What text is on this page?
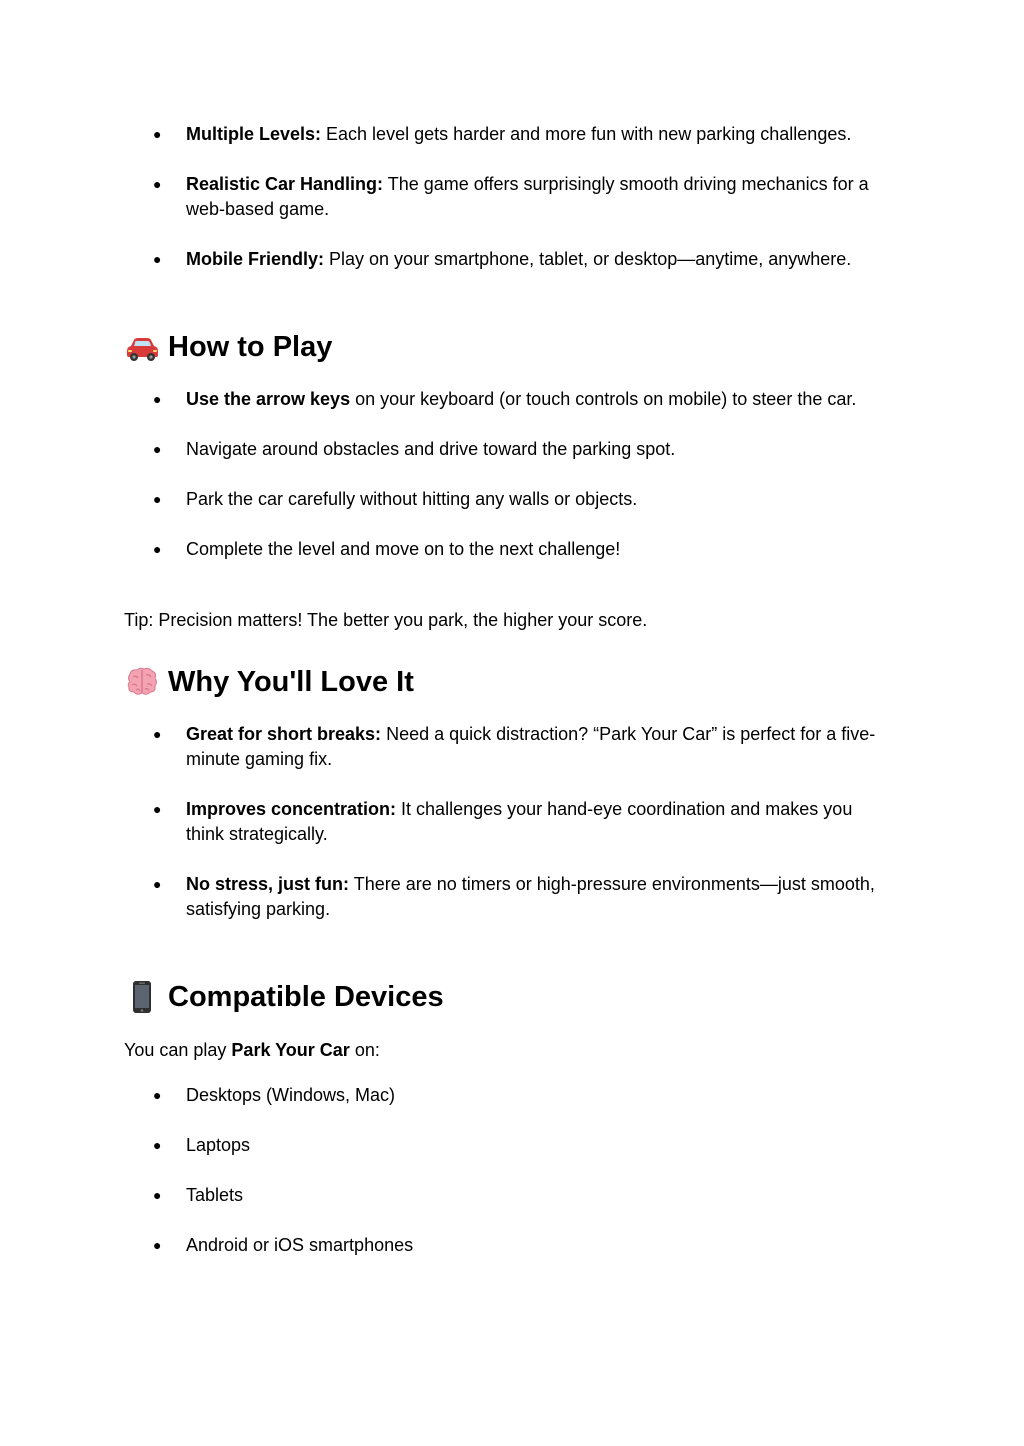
● Multiple Levels: Each level gets harder and more fun with new parking challenges.
● Realistic Car Handling: The game offers surprisingly smooth driving mechanics for a web-based game.
● Mobile Friendly: Play on your smartphone, tablet, or desktop—anytime, anywhere.
How to Play
● Use the arrow keys on your keyboard (or touch controls on mobile) to steer the car.
● Navigate around obstacles and drive toward the parking spot.
● Park the car carefully without hitting any walls or objects.
● Complete the level and move on to the next challenge!

Tip: Precision matters! The better you park, the higher your score.

Why You'll Love It
● Great for short breaks: Need a quick distraction? “Park Your Car” is perfect for a five-minute gaming fix.
● Improves concentration: It challenges your hand-eye coordination and makes you think strategically.
● No stress, just fun: There are no timers or high-pressure environments—just smooth, satisfying parking.
Compatible Devices

You can play Park Your Car on:

● Desktops (Windows, Mac)
● Laptops
● Tablets
● Android or iOS smartphones
